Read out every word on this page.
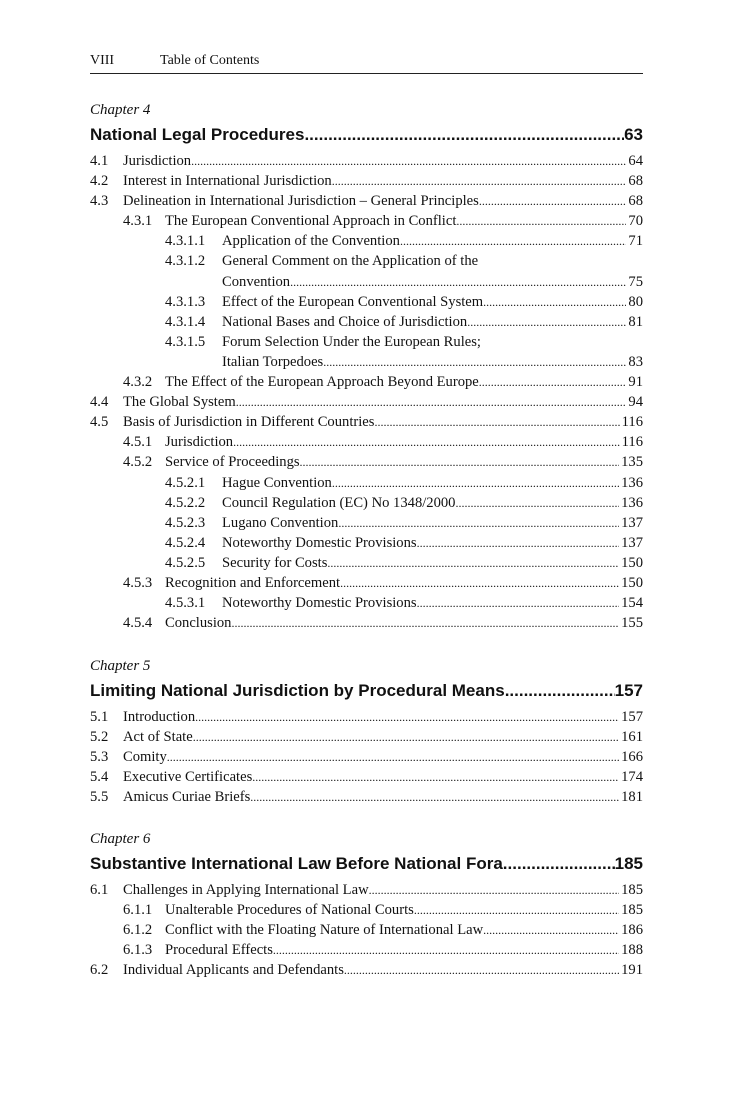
VIII	Table of Contents
Chapter 4
National Legal Procedures .....	63
4.1	Jurisdiction .....	64
4.2	Interest in International Jurisdiction .....	68
4.3	Delineation in International Jurisdiction – General Principles .....	68
4.3.1 The European Conventional Approach in Conflict .....	70
4.3.1.1	Application of the Convention .....	71
4.3.1.2	General Comment on the Application of the
Convention .....	75
4.3.1.3	Effect of the European Conventional System .....	80
4.3.1.4	National Bases and Choice of Jurisdiction .....	81
4.3.1.5	Forum Selection Under the European Rules;
Italian Torpedoes .....	83
4.3.2 The Effect of the European Approach Beyond Europe .....	91
4.4	The Global System .....	94
4.5	Basis of Jurisdiction in Different Countries .....	116
4.5.1 Jurisdiction .....	116
4.5.2 Service of Proceedings .....	135
4.5.2.1	Hague Convention .....	136
4.5.2.2	Council Regulation (EC) No 1348/2000 .....	136
4.5.2.3	Lugano Convention .....	137
4.5.2.4	Noteworthy Domestic Provisions .....	137
4.5.2.5	Security for Costs .....	150
4.5.3 Recognition and Enforcement .....	150
4.5.3.1	Noteworthy Domestic Provisions .....	154
4.5.4 Conclusion .....	155
Chapter 5
Limiting National Jurisdiction by Procedural Means .....	157
5.1	Introduction .....	157
5.2	Act of State .....	161
5.3	Comity .....	166
5.4	Executive Certificates .....	174
5.5	Amicus Curiae Briefs .....	181
Chapter 6
Substantive International Law Before National Fora .....	185
6.1	Challenges in Applying International Law .....	185
6.1.1 Unalterable Procedures of National Courts .....	185
6.1.2 Conflict with the Floating Nature of International Law .....	186
6.1.3 Procedural Effects .....	188
6.2	Individual Applicants and Defendants .....	191
